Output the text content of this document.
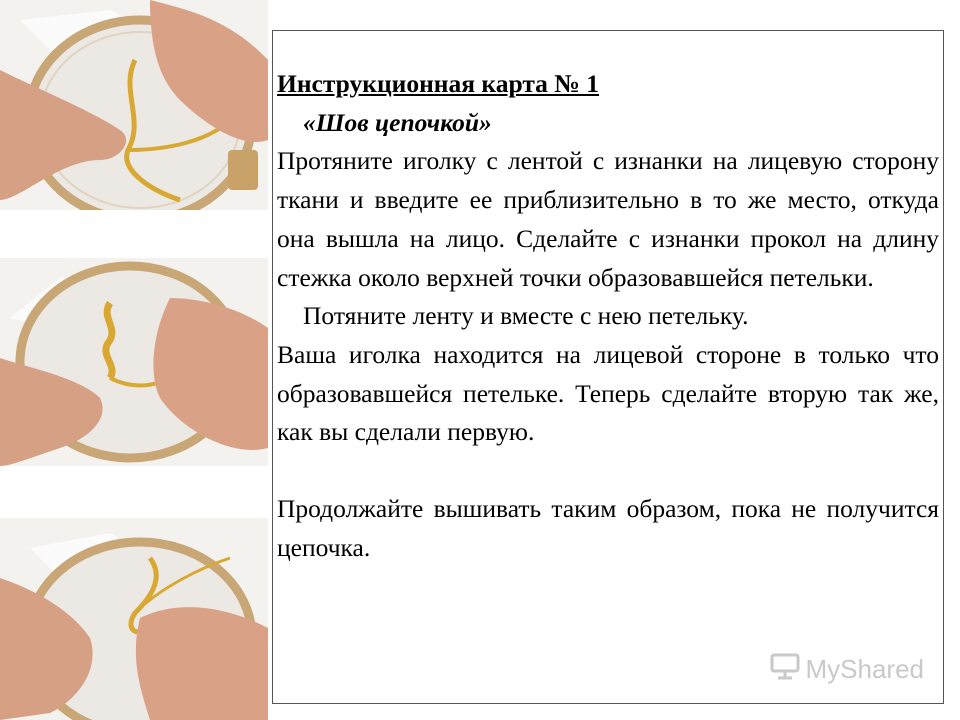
Инструкционная карта № 1

«Шов цепочкой»

Протяните иголку с лентой с изнанки на лицевую сторону ткани и введите ее приблизительно в то же место, откуда она вышла на лицо. Сделайте с изнанки прокол на длину стежка около верхней точки образовавшейся петельки.

Потяните ленту и вместе с нею петельку.

Ваша иголка находится на лицевой стороне в только что образовавшейся петельке. Теперь сделайте вторую так же, как вы сделали первую.

Продолжайте вышивать таким образом, пока не получится цепочка.

MyShared
